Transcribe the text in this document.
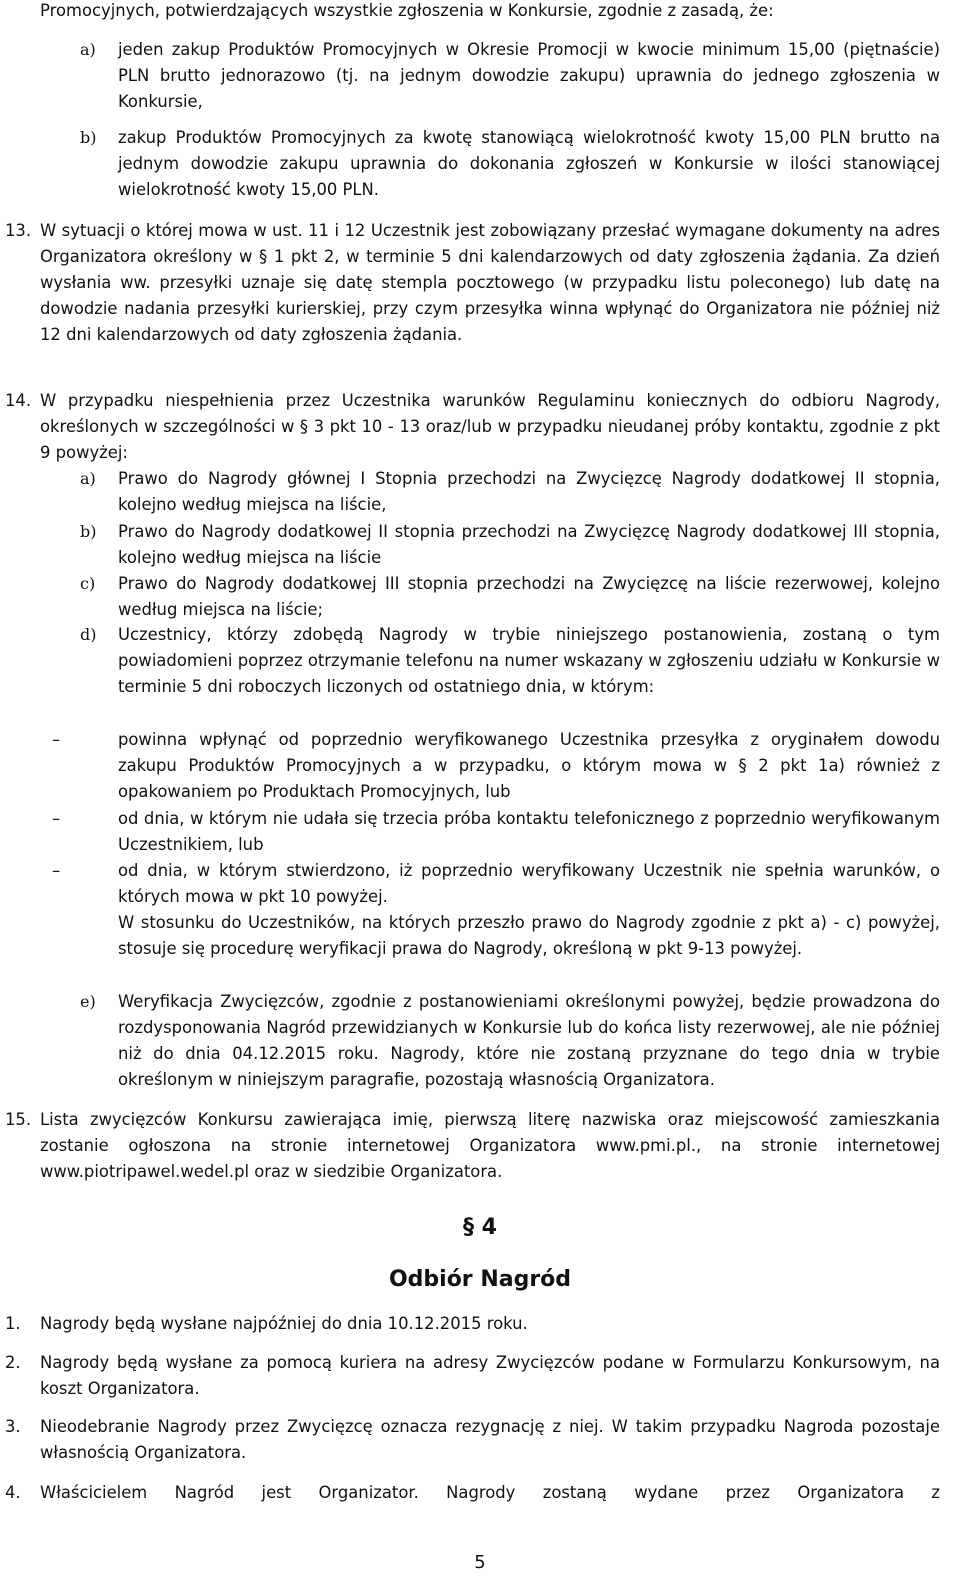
Promocyjnych, potwierdzających wszystkie zgłoszenia w Konkursie, zgodnie z zasadą, że:
a) jeden zakup Produktów Promocyjnych w Okresie Promocji w kwocie minimum 15,00 (piętnaście) PLN brutto jednorazowo (tj. na jednym dowodzie zakupu) uprawnia do jednego zgłoszenia w Konkursie,
b) zakup Produktów Promocyjnych za kwotę stanowiącą wielokrotność kwoty 15,00 PLN brutto na jednym dowodzie zakupu uprawnia do dokonania zgłoszeń w Konkursie w ilości stanowiącej wielokrotność kwoty 15,00 PLN.
13. W sytuacji o której mowa w ust. 11 i 12 Uczestnik jest zobowiązany przesłać wymagane dokumenty na adres Organizatora określony w § 1 pkt 2, w terminie 5 dni kalendarzowych od daty zgłoszenia żądania. Za dzień wysłania ww. przesyłki uznaje się datę stempla pocztowego (w przypadku listu poleconego) lub datę na dowodzie nadania przesyłki kurierskiej, przy czym przesyłka winna wpłynąć do Organizatora nie później niż 12 dni kalendarzowych od daty zgłoszenia żądania.
14. W przypadku niespełnienia przez Uczestnika warunków Regulaminu koniecznych do odbioru Nagrody, określonych w szczególności w § 3 pkt 10 - 13 oraz/lub w przypadku nieudanej próby kontaktu, zgodnie z pkt 9 powyżej:
a) Prawo do Nagrody głównej I Stopnia przechodzi na Zwycięzcę Nagrody dodatkowej II stopnia, kolejno według miejsca na liście,
b) Prawo do Nagrody dodatkowej II stopnia przechodzi na Zwycięzcę Nagrody dodatkowej III stopnia, kolejno według miejsca na liście
c) Prawo do Nagrody dodatkowej III stopnia przechodzi na Zwycięzcę na liście rezerwowej, kolejno według miejsca na liście;
d) Uczestnicy, którzy zdobędą Nagrody w trybie niniejszego postanowienia, zostaną o tym powiadomieni poprzez otrzymanie telefonu na numer wskazany w zgłoszeniu udziału w Konkursie w terminie 5 dni roboczych liczonych od ostatniego dnia, w którym:
–	powinna wpłynąć od poprzednio weryfikowanego Uczestnika przesyłka z oryginałem dowodu zakupu Produktów Promocyjnych a w przypadku, o którym mowa w § 2 pkt 1a) również z opakowaniem po Produktach Promocyjnych, lub
–	od dnia, w którym nie udała się trzecia próba kontaktu telefonicznego z poprzednio weryfikowanym Uczestnikiem, lub
–	od dnia, w którym stwierdzono, iż poprzednio weryfikowany Uczestnik nie spełnia warunków, o których mowa w pkt 10 powyżej.
W stosunku do Uczestników, na których przeszło prawo do Nagrody zgodnie z pkt a) - c) powyżej, stosuje się procedurę weryfikacji prawa do Nagrody, określoną w pkt 9-13 powyżej.
e) Weryfikacja Zwycięzców, zgodnie z postanowieniami określonymi powyżej, będzie prowadzona do rozdysponowania Nagród przewidzianych w Konkursie lub do końca listy rezerwowej, ale nie później niż do dnia 04.12.2015 roku. Nagrody, które nie zostaną przyznane do tego dnia w trybie określonym w niniejszym paragrafie, pozostają własnością Organizatora.
15. Lista zwycięzców Konkursu zawierająca imię, pierwszą literę nazwiska oraz miejscowość zamieszkania zostanie ogłoszona na stronie internetowej Organizatora www.pmi.pl., na stronie internetowej www.piotripawel.wedel.pl oraz w siedzibie Organizatora.
§ 4
Odbiór Nagród
1. Nagrody będą wysłane najpóźniej do dnia 10.12.2015 roku.
2. Nagrody będą wysłane za pomocą kuriera na adresy Zwycięzców podane w Formularzu Konkursowym, na koszt Organizatora.
3. Nieodebranie Nagrody przez Zwycięzcę oznacza rezygnację z niej. W takim przypadku Nagroda pozostaje własnością Organizatora.
4. Właścicielem Nagród jest Organizator. Nagrody zostaną wydane przez Organizatora z
5
